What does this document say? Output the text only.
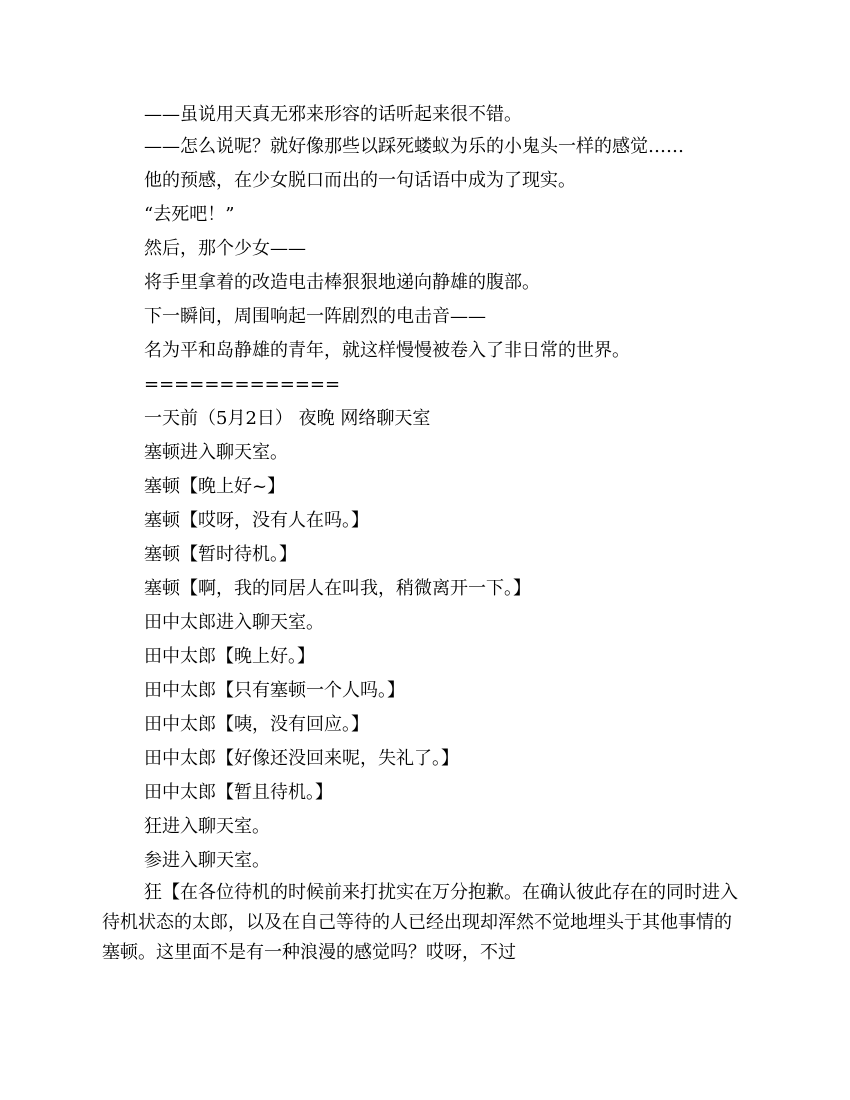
——虽说用天真无邪来形容的话听起来很不错。

——怎么说呢？就好像那些以踩死蝼蚁为乐的小鬼头一样的感觉……

他的预感，在少女脱口而出的一句话语中成为了现实。

“去死吧！”

然后，那个少女——

将手里拿着的改造电击棒狠狠地递向静雄的腹部。

下一瞬间，周围响起一阵剧烈的电击音——

名为平和岛静雄的青年，就这样慢慢被卷入了非日常的世界。

=============

一天前（5月2日） 夜晚 网络聊天室

塞顿进入聊天室。

塞顿【晚上好~】

塞顿【哎呀，没有人在吗。】

塞顿【暂时待机。】

塞顿【啊，我的同居人在叫我，稍微离开一下。】

田中太郎进入聊天室。

田中太郎【晚上好。】

田中太郎【只有塞顿一个人吗。】

田中太郎【咦，没有回应。】

田中太郎【好像还没回来呢，失礼了。】

田中太郎【暂且待机。】

狂进入聊天室。

参进入聊天室。

狂【在各位待机的时候前来打扰实在万分抱歉。在确认彼此存在的同时进入待机状态的太郎，以及在自己等待的人已经出现却浑然不觉地埋头于其他事情的塞顿。这里面不是有一种浪漫的感觉吗？哎呀，不过
